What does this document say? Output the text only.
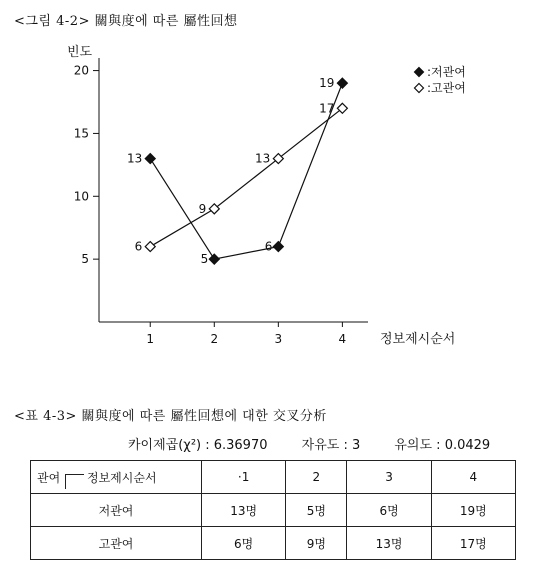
<그림 4-2> 關與度에 따른 屬性回想
5
10
15
20
1	2	3	4
빈도
정보제시순서
13
5
6
19
6
9
13
17
:저관여
:고관여
<표 4-3> 關與度에 따른 屬性回想에 대한 交叉分析
카이제곱(χ²) : 6.36970	자유도 : 3	유의도 : 0.0429
관여 정보제시순서	·1	2	3	4
저관여	13명	5명	6명	19명
고관여	6명	9명	13명	17명
